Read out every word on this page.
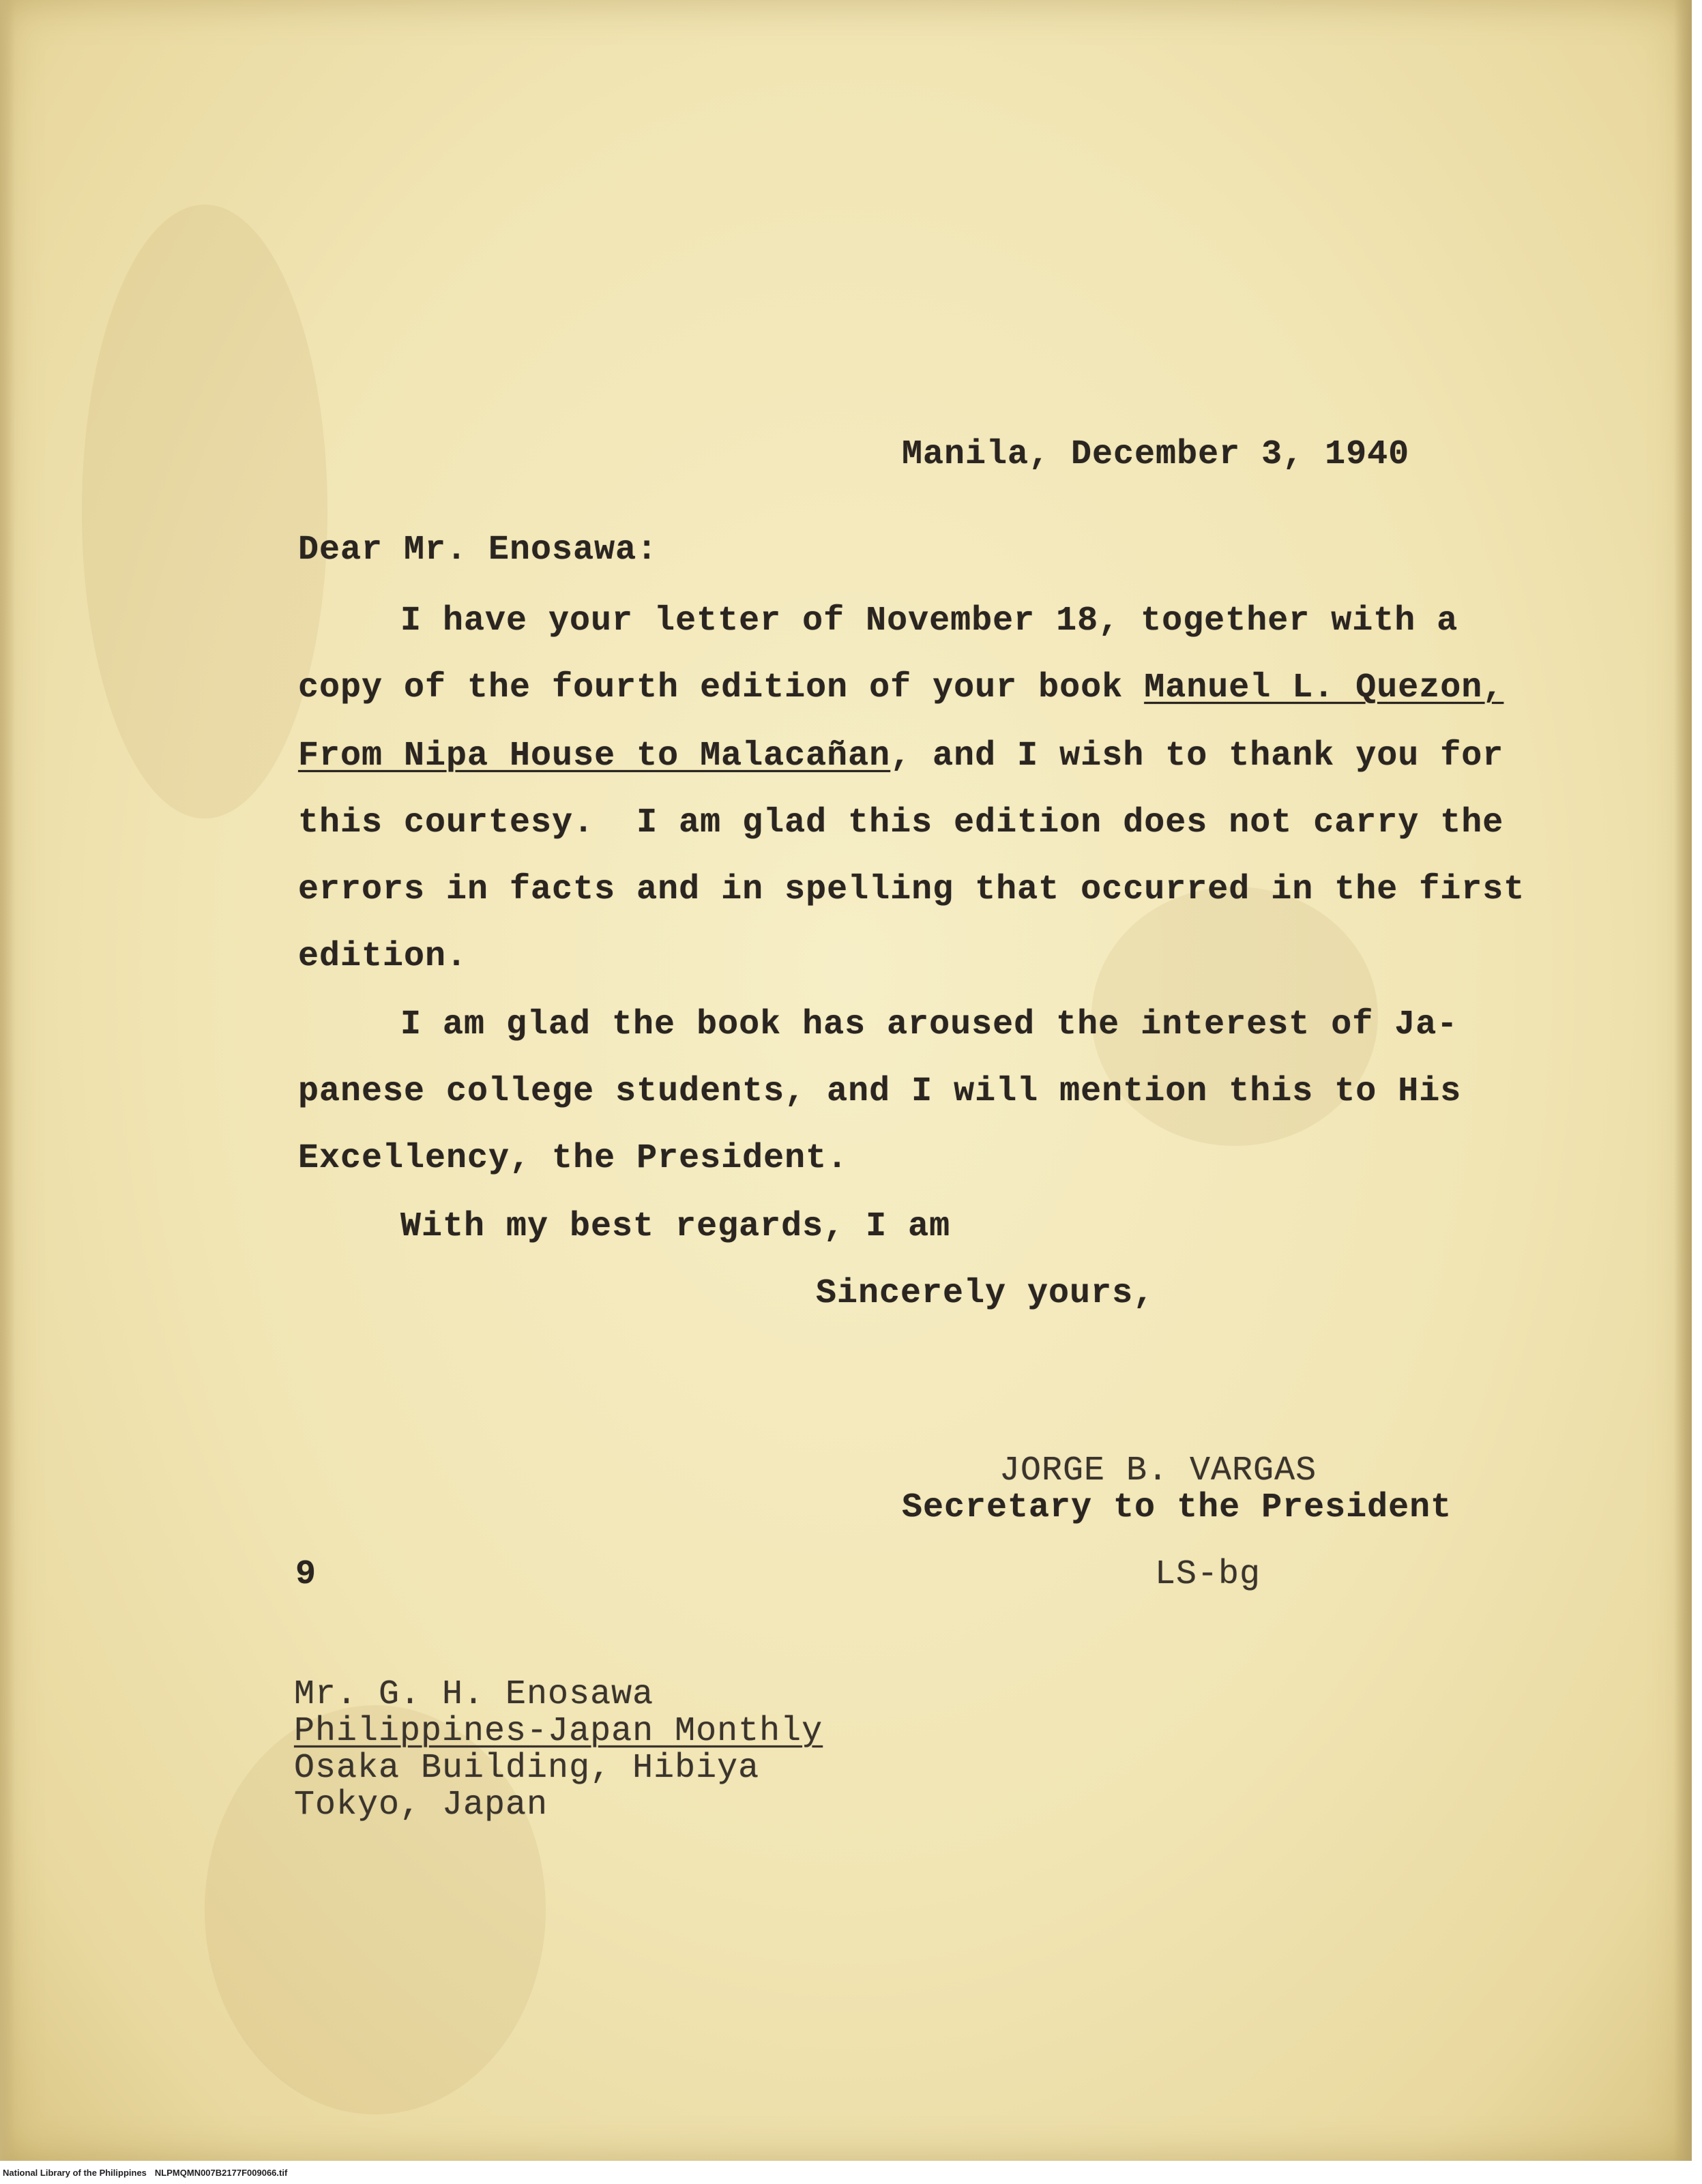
Manila, December 3, 1940
Dear Mr. Enosawa:
I have your letter of November 18, together with a
copy of the fourth edition of your book Manuel L. Quezon,
From Nipa House to Malacañan, and I wish to thank you for
this courtesy.  I am glad this edition does not carry the
errors in facts and in spelling that occurred in the first
edition.
I am glad the book has aroused the interest of Ja-
panese college students, and I will mention this to His
Excellency, the President.
With my best regards, I am
Sincerely yours,
JORGE B. VARGAS
Secretary to the President
9	LS-bg
Mr. G. H. Enosawa
Philippines-Japan Monthly
Osaka Building, Hibiya
Tokyo, Japan
National Library of the Philippines NLPMQMN007B2177F009066.tif
